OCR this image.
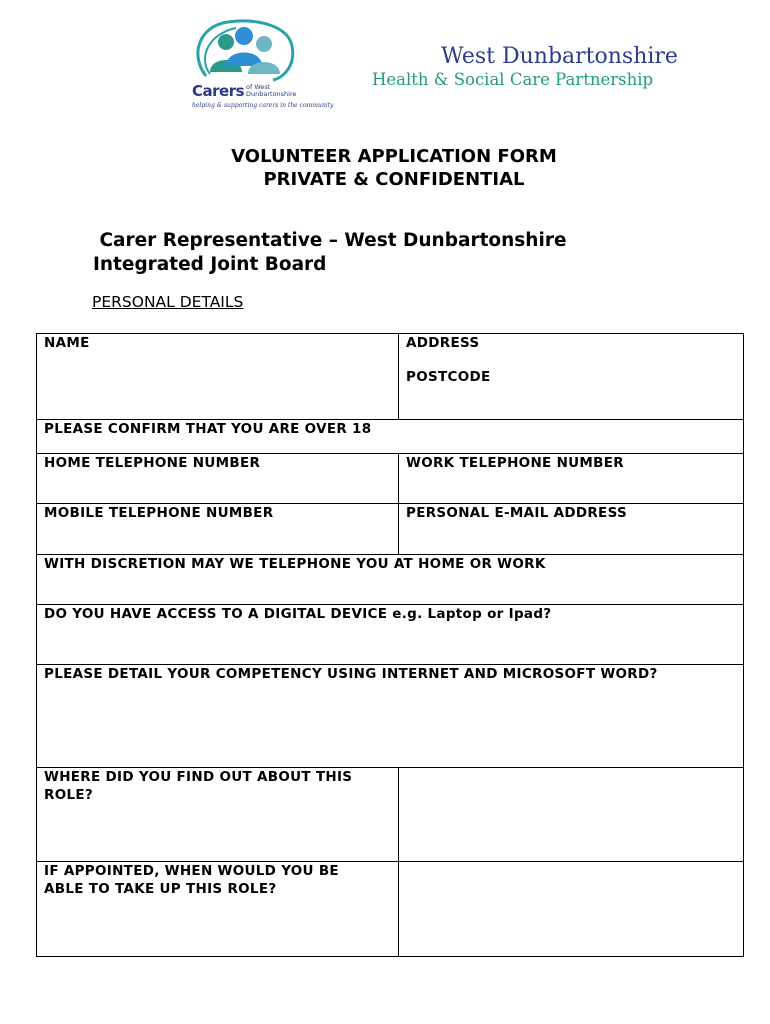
Carers of West
Dunbartonshire
helping & supporting carers in the community
West Dunbartonshire
Health & Social Care Partnership
VOLUNTEER APPLICATION FORM
PRIVATE & CONFIDENTIAL
Carer Representative – West Dunbartonshire
Integrated Joint Board
PERSONAL DETAILS
NAME	ADDRESS
POSTCODE
PLEASE CONFIRM THAT YOU ARE OVER 18
HOME TELEPHONE NUMBER	WORK TELEPHONE NUMBER
MOBILE TELEPHONE NUMBER	PERSONAL E-MAIL ADDRESS
WITH DISCRETION MAY WE TELEPHONE YOU AT HOME OR WORK
DO YOU HAVE ACCESS TO A DIGITAL DEVICE e.g. Laptop or Ipad?
PLEASE DETAIL YOUR COMPETENCY USING INTERNET AND MICROSOFT WORD?
WHERE DID YOU FIND OUT ABOUT THIS
ROLE?
IF APPOINTED, WHEN WOULD YOU BE
ABLE TO TAKE UP THIS ROLE?
